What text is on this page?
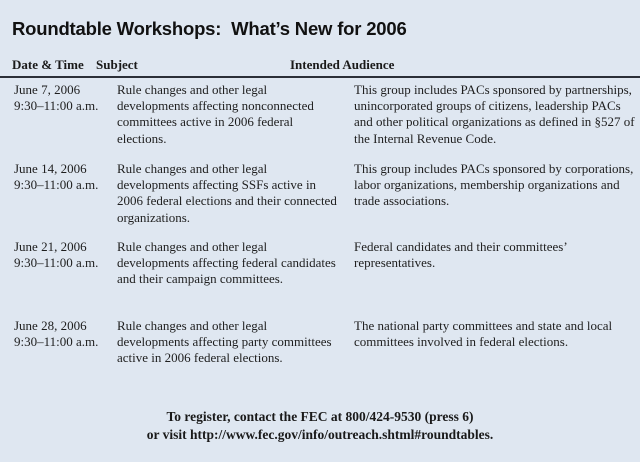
Roundtable Workshops:  What’s New for 2006
Date & Time Subject	Intended Audience
June 7, 2006
9:30–11:00 a.m.
Rule changes and other legal developments affecting nonconnected committees active in 2006 federal elections.
This group includes PACs sponsored by partnerships, unincorporated groups of citizens, leadership PACs and other political organizations as defined in §527 of the Internal Revenue Code.
June 14, 2006
9:30–11:00 a.m.
Rule changes and other legal developments affecting SSFs active in 2006 federal elections and their connected organizations.
This group includes PACs sponsored by corporations, labor organizations, membership organizations and trade associations.
June 21, 2006
9:30–11:00 a.m.
Rule changes and other legal developments affecting federal candidates and their campaign committees.
Federal candidates and their committees’ representatives.
June 28, 2006
9:30–11:00 a.m.
Rule changes and other legal developments affecting party committees active in 2006 federal elections.
The national party committees and state and local committees involved in federal elections.
To register, contact the FEC at 800/424-9530 (press 6)
or visit http://www.fec.gov/info/outreach.shtml#roundtables.
